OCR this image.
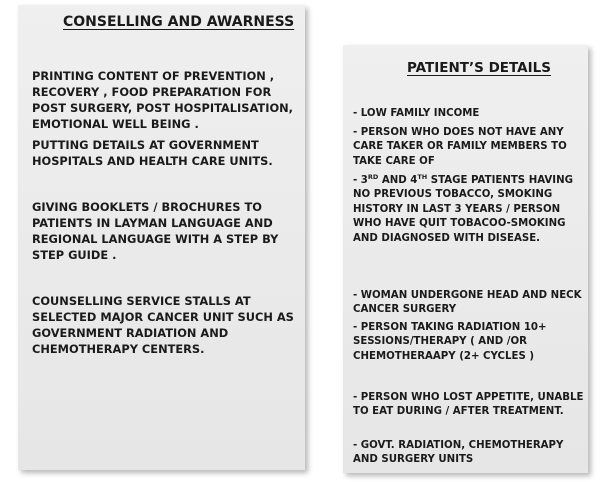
CONSELLING AND AWARNESS

PRINTING CONTENT OF PREVENTION , RECOVERY , FOOD PREPARATION FOR POST SURGERY, POST HOSPITALISATION, EMOTIONAL WELL BEING .

PUTTING DETAILS AT GOVERNMENT HOSPITALS AND HEALTH CARE UNITS.

GIVING BOOKLETS / BROCHURES TO PATIENTS IN LAYMAN LANGUAGE AND REGIONAL LANGUAGE WITH A STEP BY STEP GUIDE .

COUNSELLING SERVICE STALLS AT SELECTED MAJOR CANCER UNIT SUCH AS GOVERNMENT RADIATION AND CHEMOTHERAPY CENTERS.

PATIENT’S DETAILS

- LOW FAMILY INCOME

- PERSON WHO DOES NOT HAVE ANY CARE TAKER OR FAMILY MEMBERS TO TAKE CARE OF

- 3RD AND 4TH STAGE PATIENTS HAVING NO PREVIOUS TOBACCO, SMOKING HISTORY IN LAST 3 YEARS / PERSON WHO HAVE QUIT TOBACOO-SMOKING AND DIAGNOSED WITH DISEASE.

- WOMAN UNDERGONE HEAD AND NECK CANCER SURGERY

- PERSON TAKING RADIATION 10+ SESSIONS/THERAPY ( AND /OR CHEMOTHERAAPY (2+ CYCLES )

- PERSON WHO LOST APPETITE, UNABLE TO EAT DURING / AFTER TREATMENT.

- GOVT. RADIATION, CHEMOTHERAPY AND SURGERY UNITS
